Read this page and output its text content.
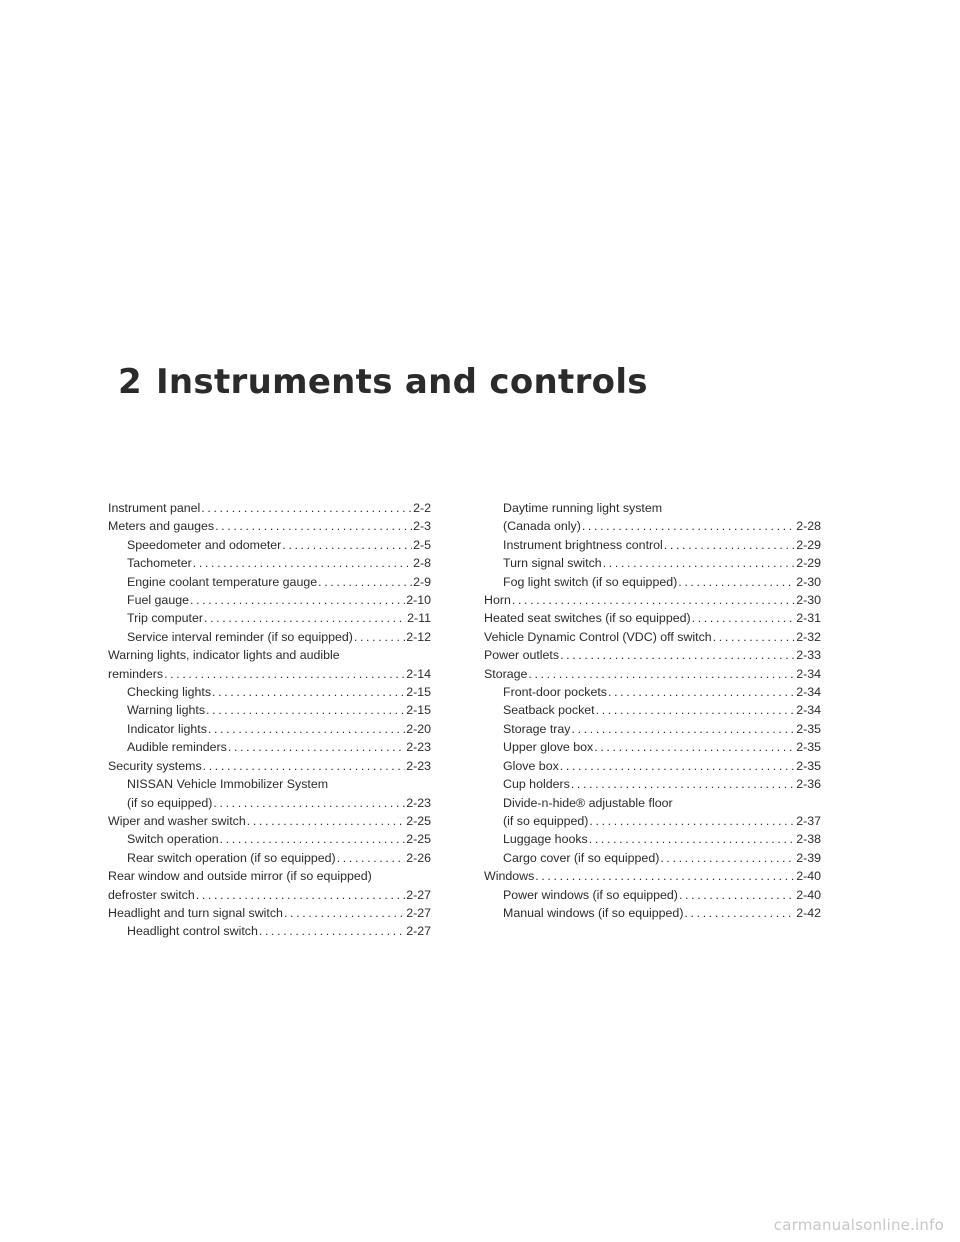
2 Instruments and controls
Instrument panel . . .	2-2
Meters and gauges . . .	2-3
Speedometer and odometer . . .	2-5
Tachometer . . .	2-8
Engine coolant temperature gauge . . .	2-9
Fuel gauge . . .	2-10
Trip computer . . .	2-11
Service interval reminder (if so equipped) . . .	2-12
Warning lights, indicator lights and audible
reminders . . .	2-14
Checking lights . . .	2-15
Warning lights . . .	2-15
Indicator lights . . .	2-20
Audible reminders . . .	2-23
Security systems . . .	2-23
NISSAN Vehicle Immobilizer System
(if so equipped) . . .	2-23
Wiper and washer switch . . .	2-25
Switch operation . . .	2-25
Rear switch operation (if so equipped) . . .	2-26
Rear window and outside mirror (if so equipped)
defroster switch . . .	2-27
Headlight and turn signal switch . . .	2-27
Headlight control switch . . .	2-27
Daytime running light system
(Canada only) . . .	2-28
Instrument brightness control . . .	2-29
Turn signal switch . . .	2-29
Fog light switch (if so equipped) . . .	2-30
Horn . . .	2-30
Heated seat switches (if so equipped) . . .	2-31
Vehicle Dynamic Control (VDC) off switch . . .	2-32
Power outlets . . .	2-33
Storage . . .	2-34
Front-door pockets . . .	2-34
Seatback pocket . . .	2-34
Storage tray . . .	2-35
Upper glove box . . .	2-35
Glove box . . .	2-35
Cup holders . . .	2-36
Divide-n-hide® adjustable floor
(if so equipped) . . .	2-37
Luggage hooks . . .	2-38
Cargo cover (if so equipped) . . .	2-39
Windows . . .	2-40
Power windows (if so equipped) . . .	2-40
Manual windows (if so equipped) . . .	2-42
carmanualsonline.info
